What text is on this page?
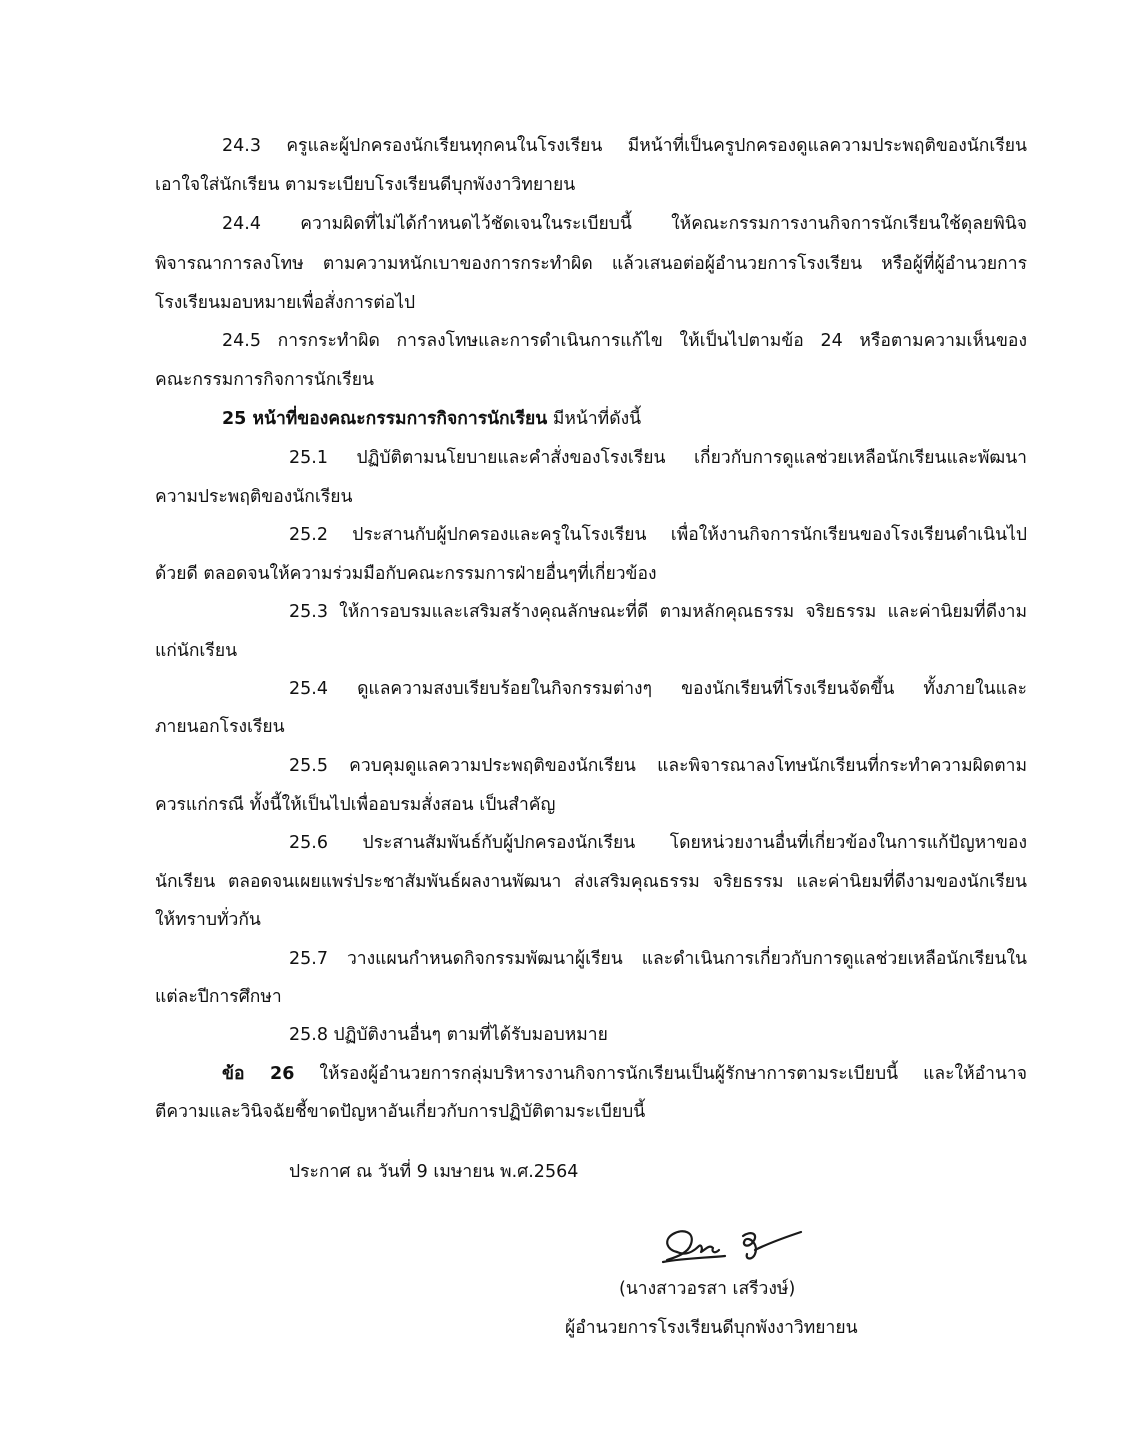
24.3 ครูและผู้ปกครองนักเรียนทุกคนในโรงเรียน มีหน้าที่เป็นครูปกครองดูแลความประพฤติของนักเรียน
เอาใจใส่นักเรียน ตามระเบียบโรงเรียนดีบุกพังงาวิทยายน
24.4 ความผิดที่ไม่ได้กำหนดไว้ชัดเจนในระเบียบนี้ ให้คณะกรรมการงานกิจการนักเรียนใช้ดุลยพินิจ
พิจารณาการลงโทษ ตามความหนักเบาของการกระทำผิด แล้วเสนอต่อผู้อำนวยการโรงเรียน หรือผู้ที่ผู้อำนวยการ
โรงเรียนมอบหมายเพื่อสั่งการต่อไป
24.5 การกระทำผิด การลงโทษและการดำเนินการแก้ไข ให้เป็นไปตามข้อ 24 หรือตามความเห็นของ
คณะกรรมการกิจการนักเรียน
25 หน้าที่ของคณะกรรมการกิจการนักเรียน มีหน้าที่ดังนี้
25.1 ปฏิบัติตามนโยบายและคำสั่งของโรงเรียน เกี่ยวกับการดูแลช่วยเหลือนักเรียนและพัฒนา
ความประพฤติของนักเรียน
25.2 ประสานกับผู้ปกครองและครูในโรงเรียน เพื่อให้งานกิจการนักเรียนของโรงเรียนดำเนินไป
ด้วยดี ตลอดจนให้ความร่วมมือกับคณะกรรมการฝ่ายอื่นๆที่เกี่ยวข้อง
25.3 ให้การอบรมและเสริมสร้างคุณลักษณะที่ดี ตามหลักคุณธรรม จริยธรรม และค่านิยมที่ดีงาม
แก่นักเรียน
25.4 ดูแลความสงบเรียบร้อยในกิจกรรมต่างๆ ของนักเรียนที่โรงเรียนจัดขึ้น ทั้งภายในและ
ภายนอกโรงเรียน
25.5 ควบคุมดูแลความประพฤติของนักเรียน และพิจารณาลงโทษนักเรียนที่กระทำความผิดตาม
ควรแก่กรณี ทั้งนี้ให้เป็นไปเพื่ออบรมสั่งสอน เป็นสำคัญ
25.6 ประสานสัมพันธ์กับผู้ปกครองนักเรียน โดยหน่วยงานอื่นที่เกี่ยวข้องในการแก้ปัญหาของ
นักเรียน ตลอดจนเผยแพร่ประชาสัมพันธ์ผลงานพัฒนา ส่งเสริมคุณธรรม จริยธรรม และค่านิยมที่ดีงามของนักเรียน
ให้ทราบทั่วกัน
25.7 วางแผนกำหนดกิจกรรมพัฒนาผู้เรียน และดำเนินการเกี่ยวกับการดูแลช่วยเหลือนักเรียนใน
แต่ละปีการศึกษา
25.8 ปฏิบัติงานอื่นๆ ตามที่ได้รับมอบหมาย
ข้อ 26 ให้รองผู้อำนวยการกลุ่มบริหารงานกิจการนักเรียนเป็นผู้รักษาการตามระเบียบนี้ และให้อำนาจ
ตีความและวินิจฉัยชี้ขาดปัญหาอันเกี่ยวกับการปฏิบัติตามระเบียบนี้
ประกาศ ณ วันที่ 9 เมษายน พ.ศ.2564
(นางสาวอรสา เสรีวงษ์)
ผู้อำนวยการโรงเรียนดีบุกพังงาวิทยายน
